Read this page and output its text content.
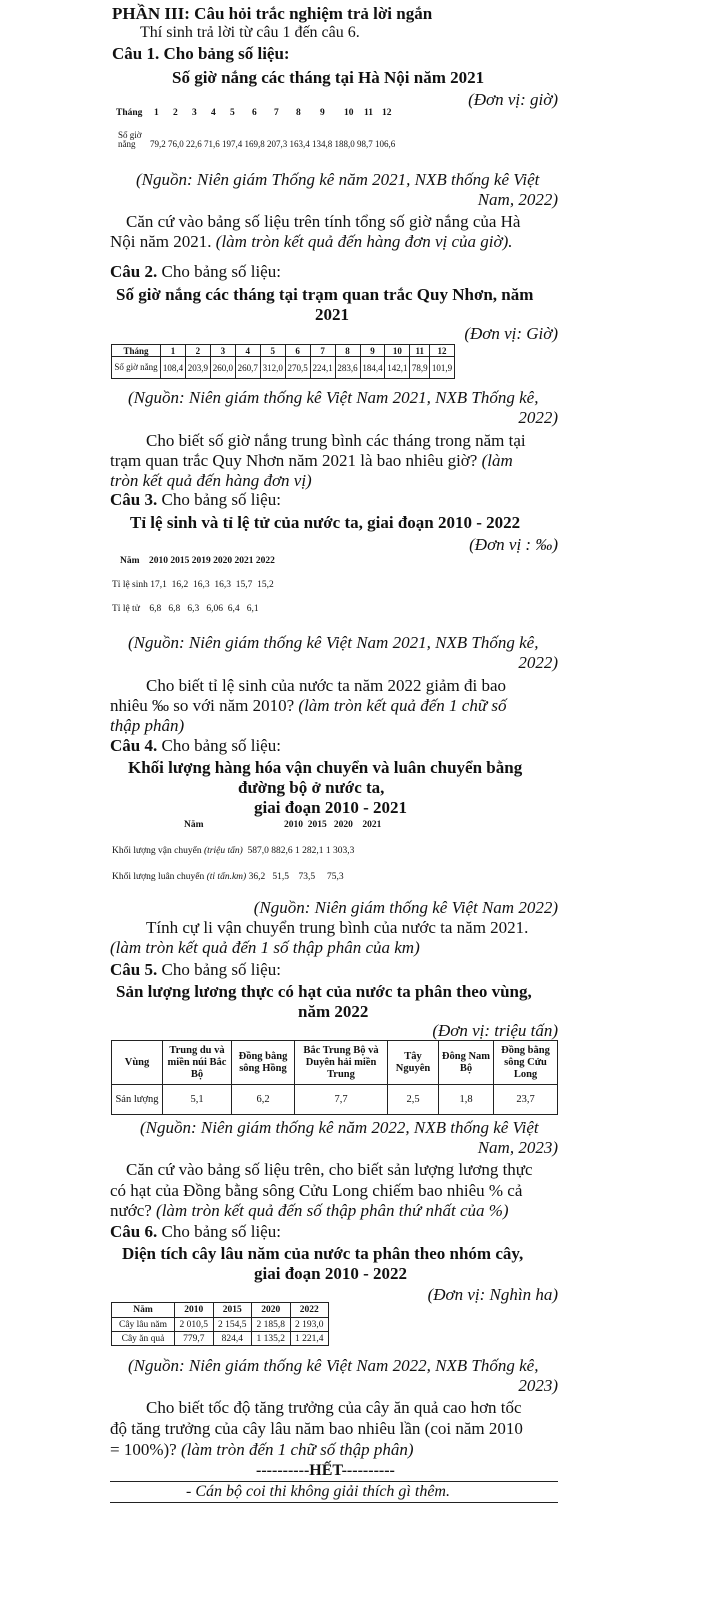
PHẦN III: Câu hỏi trắc nghiệm trả lời ngắn
Thí sinh trả lời từ câu 1 đến câu 6.
Câu 1. Cho bảng số liệu:
Số giờ nắng các tháng tại Hà Nội năm 2021
(Đơn vị: giờ)
Tháng 1 2 3 4 5 6 7 8 9 10 11 12
Số giờ
nắng	79,2 76,0 22,6 71,6 197,4 169,8 207,3 163,4 134,8 188,0 98,7 106,6
(Nguồn: Niên giám Thống kê năm 2021, NXB thống kê Việt
Nam, 2022)
Căn cứ vào bảng số liệu trên tính tổng số giờ nắng của Hà
Nội năm 2021. (làm tròn kết quả đến hàng đơn vị của giờ).
Câu 2. Cho bảng số liệu:
Số giờ nắng các tháng tại trạm quan trắc Quy Nhơn, năm
2021
(Đơn vị: Giờ)
Tháng	1	2	3	4	5	6	7	8	9	10	11	12
Số giờ nắng	108,4	203,9	260,0	260,7	312,0	270,5	224,1	283,6	184,4	142,1	78,9	101,9
(Nguồn: Niên giám thống kê Việt Nam 2021, NXB Thống kê,
2022)
Cho biết số giờ nắng trung bình các tháng trong năm tại
trạm quan trắc Quy Nhơn năm 2021 là bao nhiêu giờ? (làm
tròn kết quả đến hàng đơn vị)
Câu 3. Cho bảng số liệu:
Tỉ lệ sinh và tỉ lệ tử của nước ta, giai đoạn 2010 - 2022
(Đơn vị : ‰)
Năm    2010 2015 2019 2020 2021 2022
Tỉ lệ sinh 17,1  16,2  16,3  16,3  15,7  15,2
Tỉ lệ tử    6,8   6,8   6,3   6,06  6,4   6,1
(Nguồn: Niên giám thống kê Việt Nam 2021, NXB Thống kê,
2022)
Cho biết tỉ lệ sinh của nước ta năm 2022 giảm đi bao
nhiêu ‰ so với năm 2010? (làm tròn kết quả đến 1 chữ số
thập phân)
Câu 4. Cho bảng số liệu:
Khối lượng hàng hóa vận chuyển và luân chuyển bằng
đường bộ ở nước ta,
giai đoạn 2010 - 2021
Năm	2010  2015   2020    2021
Khối lượng vận chuyển (triệu tấn) 587,0 882,6 1 282,1 1 303,3
Khối lượng luân chuyển (tỉ tấn.km) 36,2   51,5    73,5     75,3
(Nguồn: Niên giám thống kê Việt Nam 2022)
Tính cự li vận chuyển trung bình của nước ta năm 2021.
(làm tròn kết quả đến 1 số thập phân của km)
Câu 5. Cho bảng số liệu:
Sản lượng lương thực có hạt của nước ta phân theo vùng,
năm 2022
(Đơn vị: triệu tấn)
Vùng	Trung du và miền núi Bắc Bộ	Đồng bằng sông Hồng	Bắc Trung Bộ và Duyên hải miền Trung	Tây Nguyên	Đông Nam Bộ	Đồng bằng sông Cửu Long
Sản lượng	5,1	6,2	7,7	2,5	1,8	23,7
(Nguồn: Niên giám thống kê năm 2022, NXB thống kê Việt
Nam, 2023)
Căn cứ vào bảng số liệu trên, cho biết sản lượng lương thực
có hạt của Đồng bằng sông Cửu Long chiếm bao nhiêu % cả
nước? (làm tròn kết quả đến số thập phân thứ nhất của %)
Câu 6. Cho bảng số liệu:
Diện tích cây lâu năm của nước ta phân theo nhóm cây,
giai đoạn 2010 - 2022
(Đơn vị: Nghìn ha)
Năm	2010	2015	2020	2022
Cây lâu năm	2 010,5	2 154,5	2 185,8	2 193,0
Cây ăn quả	779,7	824,4	1 135,2	1 221,4
(Nguồn: Niên giám thống kê Việt Nam 2022, NXB Thống kê,
2023)
Cho biết tốc độ tăng trưởng của cây ăn quả cao hơn tốc
độ tăng trưởng của cây lâu năm bao nhiêu lần (coi năm 2010
= 100%)? (làm tròn đến 1 chữ số thập phân)
----------HẾT----------
- Cán bộ coi thi không giải thích gì thêm.
